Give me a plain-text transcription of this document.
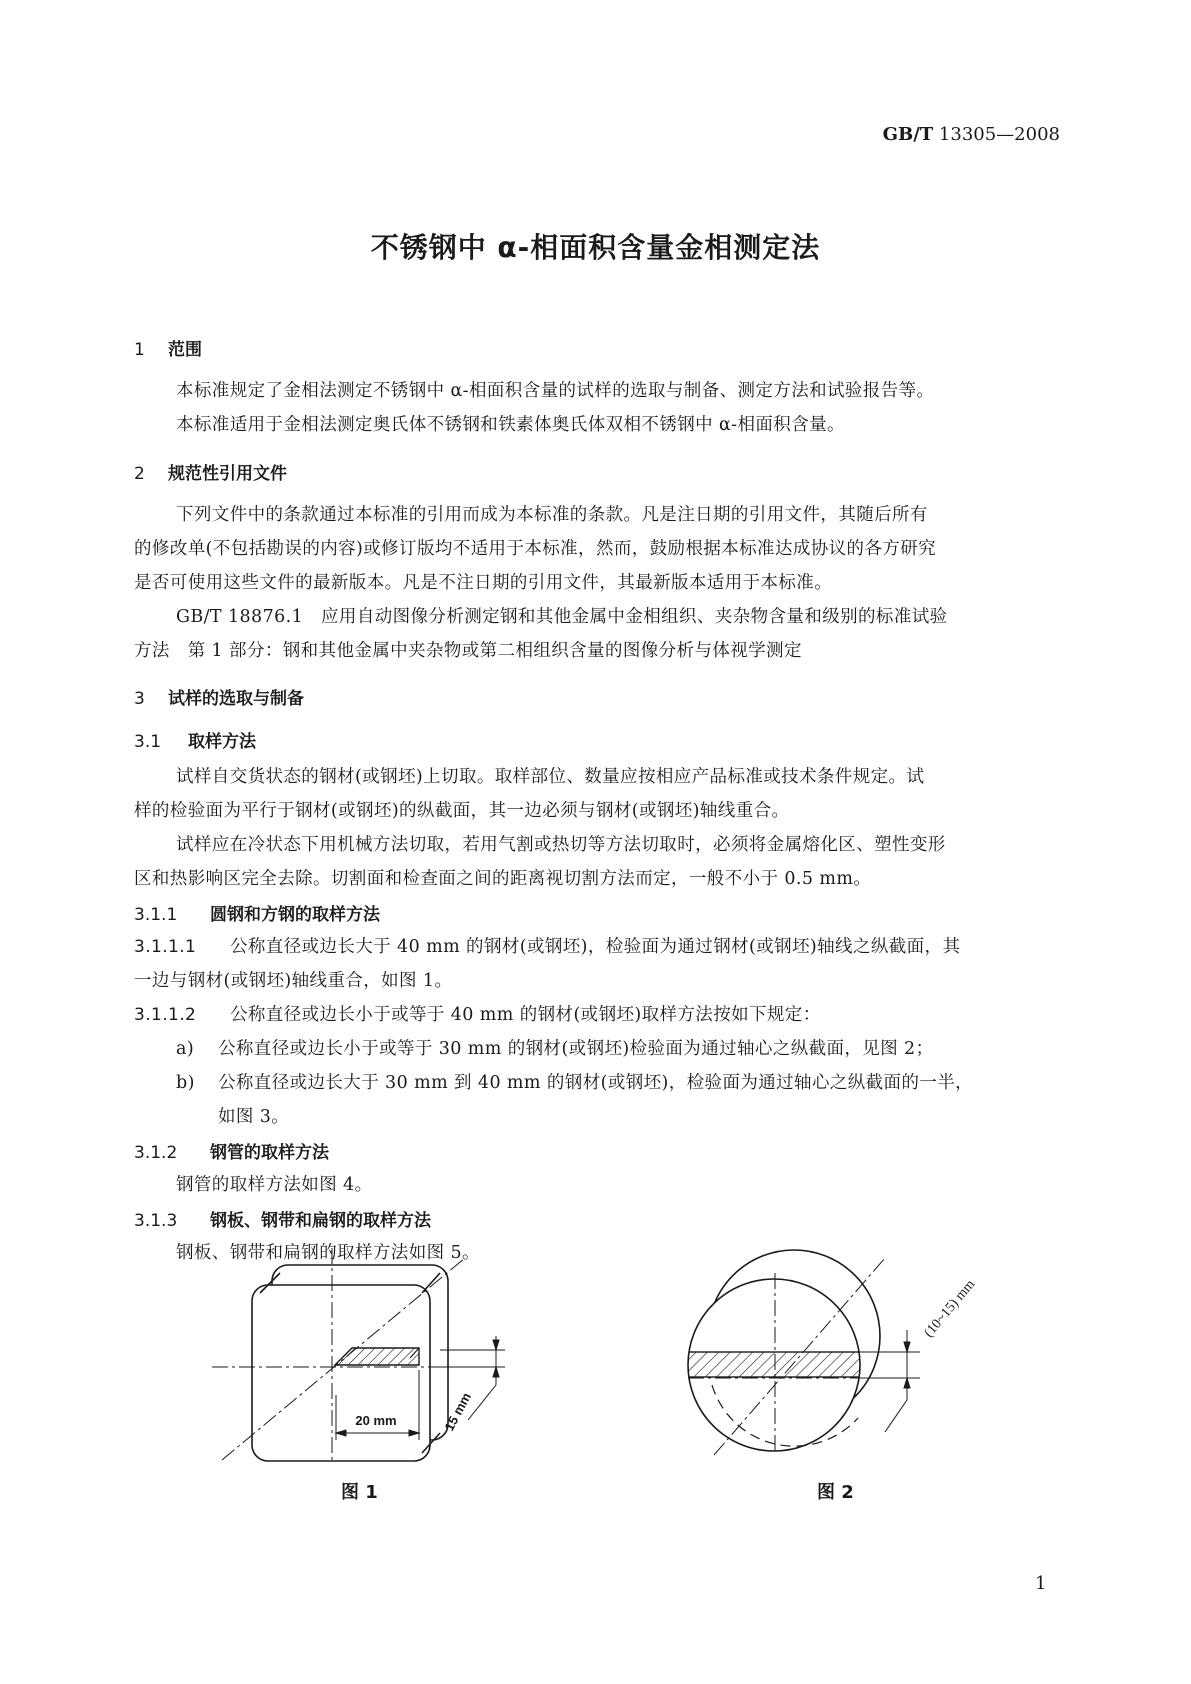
GB/T 13305—2008
不锈钢中 α-相面积含量金相测定法
1 范围
本标准规定了金相法测定不锈钢中 α-相面积含量的试样的选取与制备、测定方法和试验报告等。
本标准适用于金相法测定奥氏体不锈钢和铁素体奥氏体双相不锈钢中 α-相面积含量。
2 规范性引用文件
下列文件中的条款通过本标准的引用而成为本标准的条款。凡是注日期的引用文件，其随后所有
的修改单(不包括勘误的内容)或修订版均不适用于本标准，然而，鼓励根据本标准达成协议的各方研究
是否可使用这些文件的最新版本。凡是不注日期的引用文件，其最新版本适用于本标准。
GB/T 18876.1　应用自动图像分析测定钢和其他金属中金相组织、夹杂物含量和级别的标准试验
方法　第 1 部分：钢和其他金属中夹杂物或第二相组织含量的图像分析与体视学测定
3 试样的选取与制备
3.1 取样方法
试样自交货状态的钢材(或钢坯)上切取。取样部位、数量应按相应产品标准或技术条件规定。试
样的检验面为平行于钢材(或钢坯)的纵截面，其一边必须与钢材(或钢坯)轴线重合。
试样应在冷状态下用机械方法切取，若用气割或热切等方法切取时，必须将金属熔化区、塑性变形
区和热影响区完全去除。切割面和检查面之间的距离视切割方法而定，一般不小于 0.5 mm。
3.1.1 圆钢和方钢的取样方法
3.1.1.1 公称直径或边长大于 40 mm 的钢材(或钢坯)，检验面为通过钢材(或钢坯)轴线之纵截面，其
一边与钢材(或钢坯)轴线重合，如图 1。
3.1.1.2 公称直径或边长小于或等于 40 mm 的钢材(或钢坯)取样方法按如下规定：
a) 公称直径或边长小于或等于 30 mm 的钢材(或钢坯)检验面为通过轴心之纵截面，见图 2；
b) 公称直径或边长大于 30 mm 到 40 mm 的钢材(或钢坯)，检验面为通过轴心之纵截面的一半，
如图 3。
3.1.2 钢管的取样方法
钢管的取样方法如图 4。
3.1.3 钢板、钢带和扁钢的取样方法
钢板、钢带和扁钢的取样方法如图 5。
20 mm	15 mm
图 1
(10~15) mm
图 2
1
